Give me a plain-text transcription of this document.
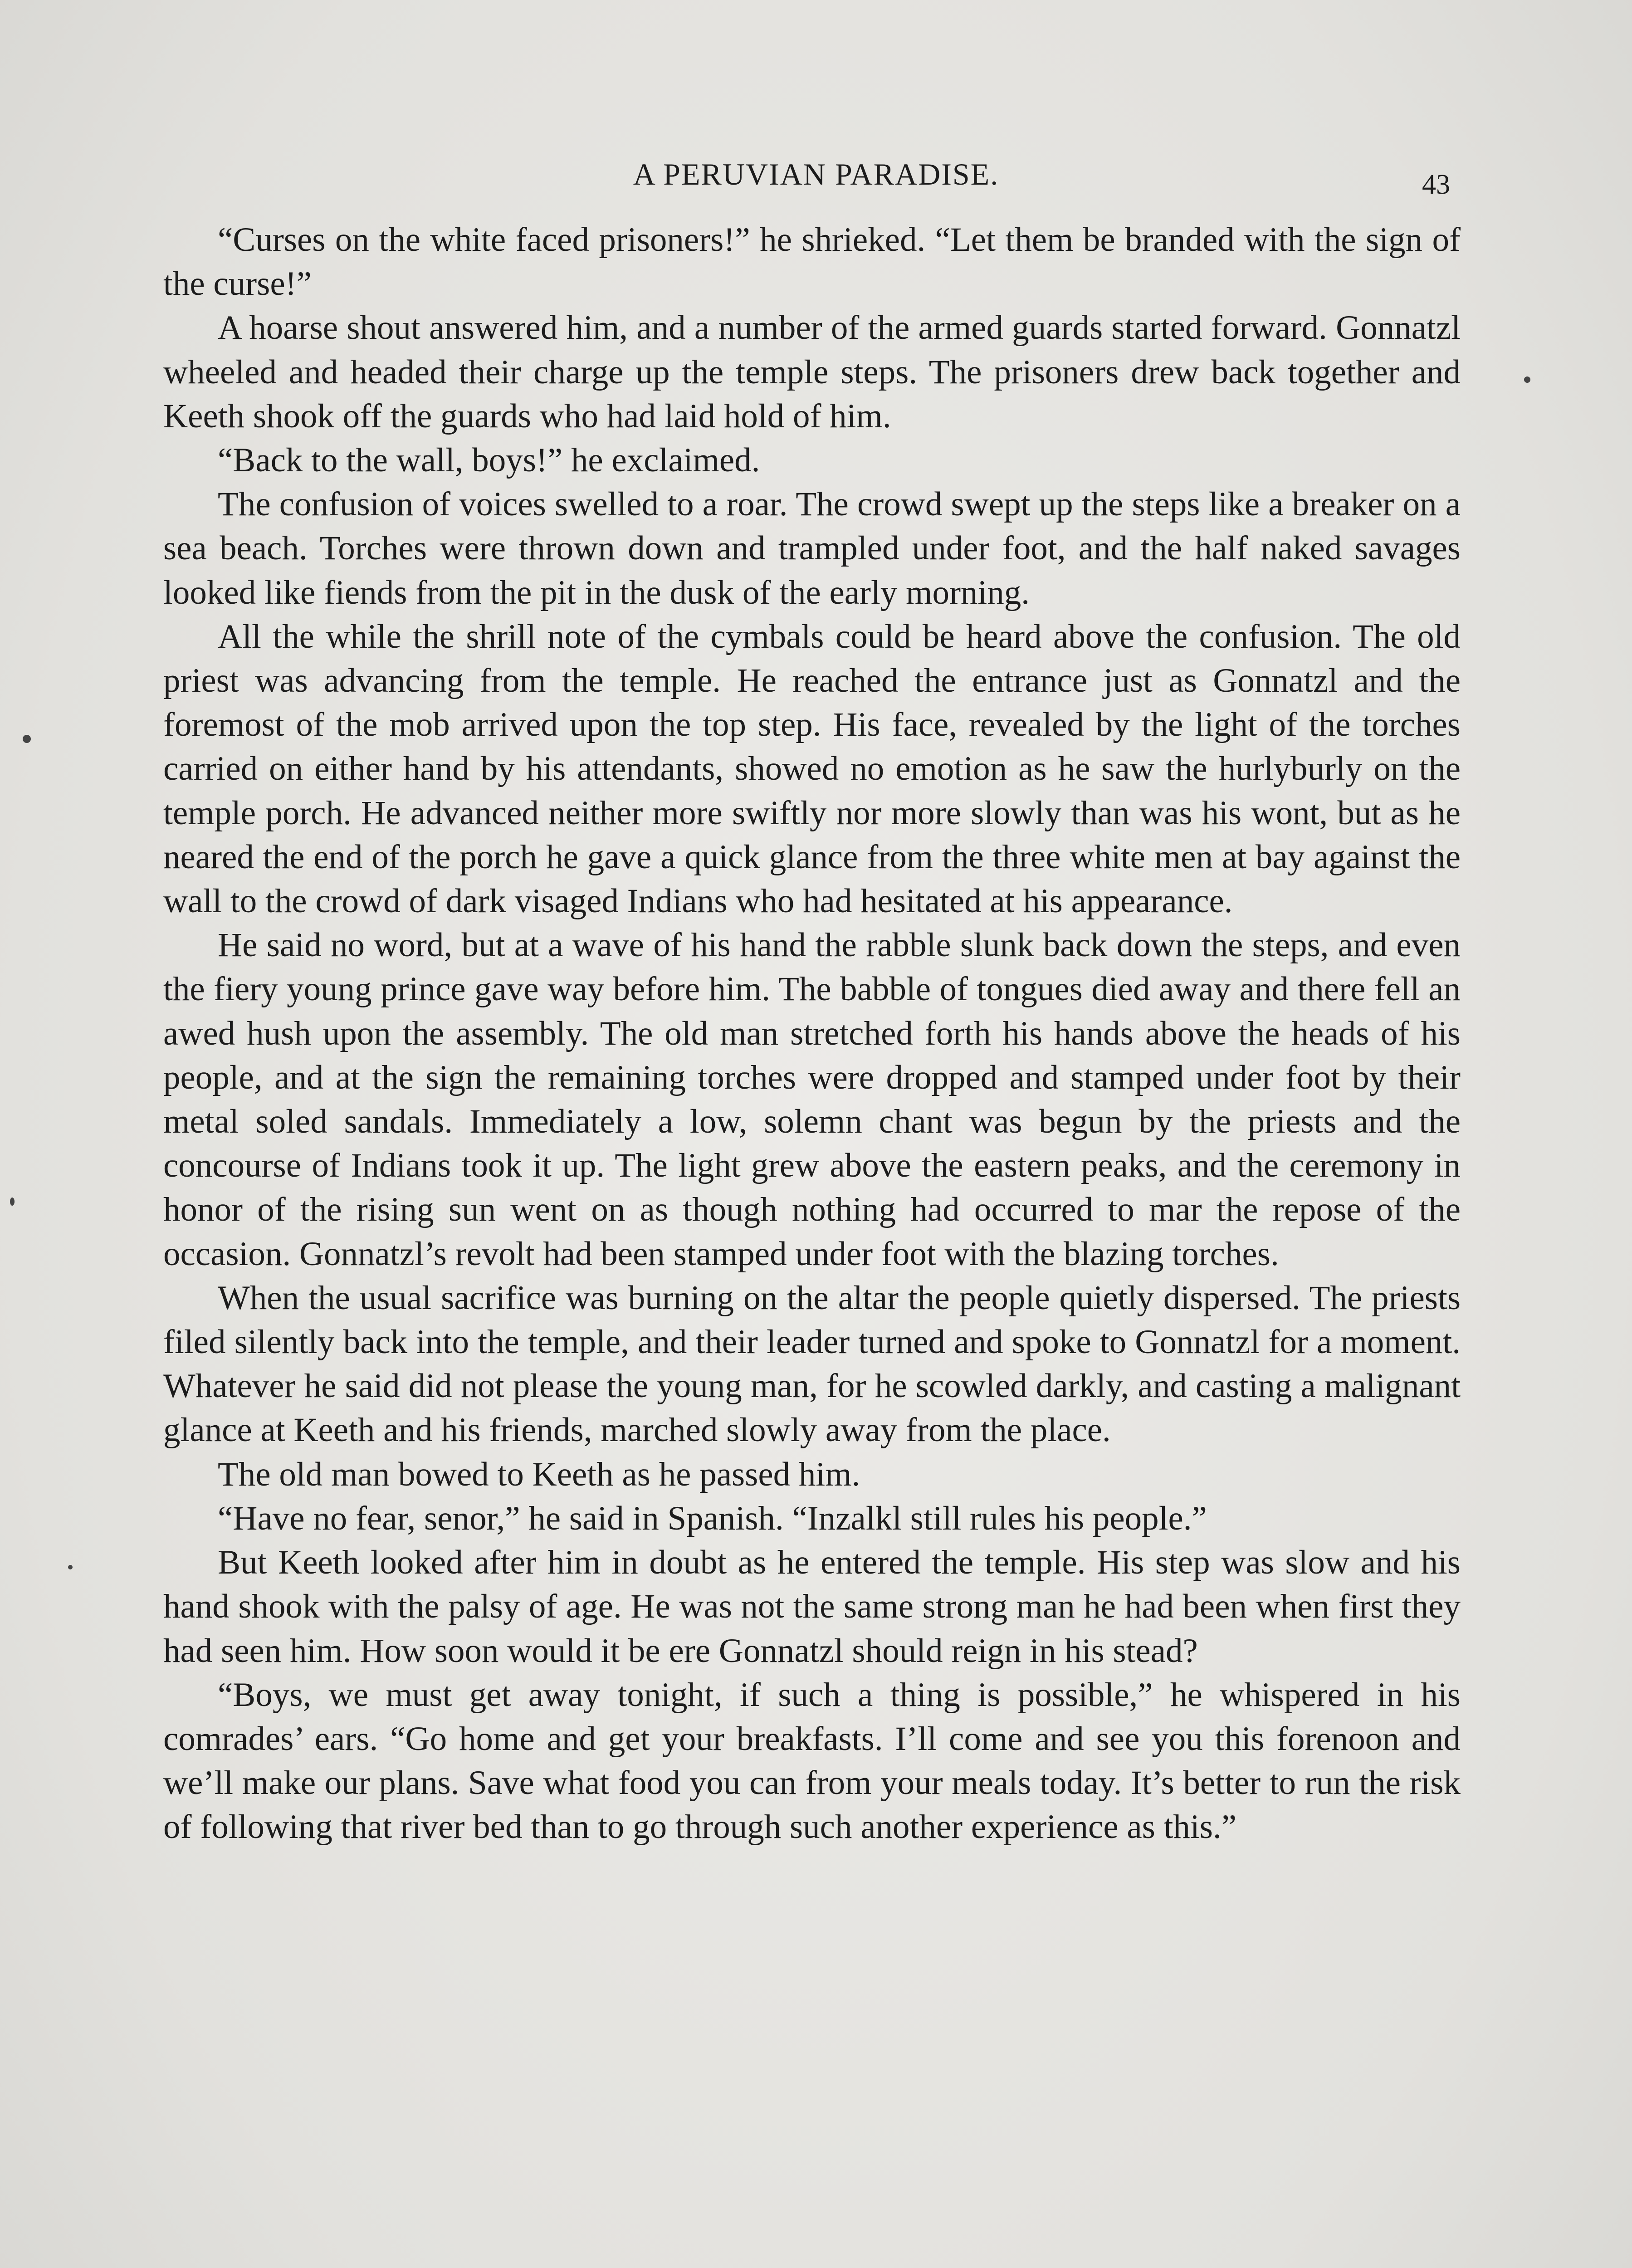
A PERUVIAN PARADISE.	43

“Curses on the white faced prisoners!” he shrieked. “Let them be branded with the sign of the curse!”

A hoarse shout answered him, and a number of the armed guards started forward. Gonnatzl wheeled and headed their charge up the temple steps. The prisoners drew back together and Keeth shook off the guards who had laid hold of him.

“Back to the wall, boys!” he exclaimed.

The confusion of voices swelled to a roar. The crowd swept up the steps like a breaker on a sea beach. Torches were thrown down and trampled under foot, and the half naked savages looked like fiends from the pit in the dusk of the early morning.

All the while the shrill note of the cymbals could be heard above the confusion. The old priest was advancing from the temple. He reached the entrance just as Gonnatzl and the foremost of the mob arrived upon the top step. His face, revealed by the light of the torches carried on either hand by his attendants, showed no emotion as he saw the hurlyburly on the temple porch. He advanced neither more swiftly nor more slowly than was his wont, but as he neared the end of the porch he gave a quick glance from the three white men at bay against the wall to the crowd of dark visaged Indians who had hesitated at his appearance.

He said no word, but at a wave of his hand the rabble slunk back down the steps, and even the fiery young prince gave way before him. The babble of tongues died away and there fell an awed hush upon the assembly. The old man stretched forth his hands above the heads of his people, and at the sign the remaining torches were dropped and stamped under foot by their metal soled sandals. Immediately a low, solemn chant was begun by the priests and the concourse of Indians took it up. The light grew above the eastern peaks, and the ceremony in honor of the rising sun went on as though nothing had occurred to mar the repose of the occasion. Gonnatzl’s revolt had been stamped under foot with the blazing torches.

When the usual sacrifice was burning on the altar the people quietly dispersed. The priests filed silently back into the temple, and their leader turned and spoke to Gonnatzl for a moment. Whatever he said did not please the young man, for he scowled darkly, and casting a malignant glance at Keeth and his friends, marched slowly away from the place.

The old man bowed to Keeth as he passed him.

“Have no fear, senor,” he said in Spanish. “Inzalkl still rules his people.”

But Keeth looked after him in doubt as he entered the temple. His step was slow and his hand shook with the palsy of age. He was not the same strong man he had been when first they had seen him. How soon would it be ere Gonnatzl should reign in his stead?

“Boys, we must get away tonight, if such a thing is possible,” he whispered in his comrades’ ears. “Go home and get your breakfasts. I’ll come and see you this forenoon and we’ll make our plans. Save what food you can from your meals today. It’s better to run the risk of following that river bed than to go through such another experience as this.”
